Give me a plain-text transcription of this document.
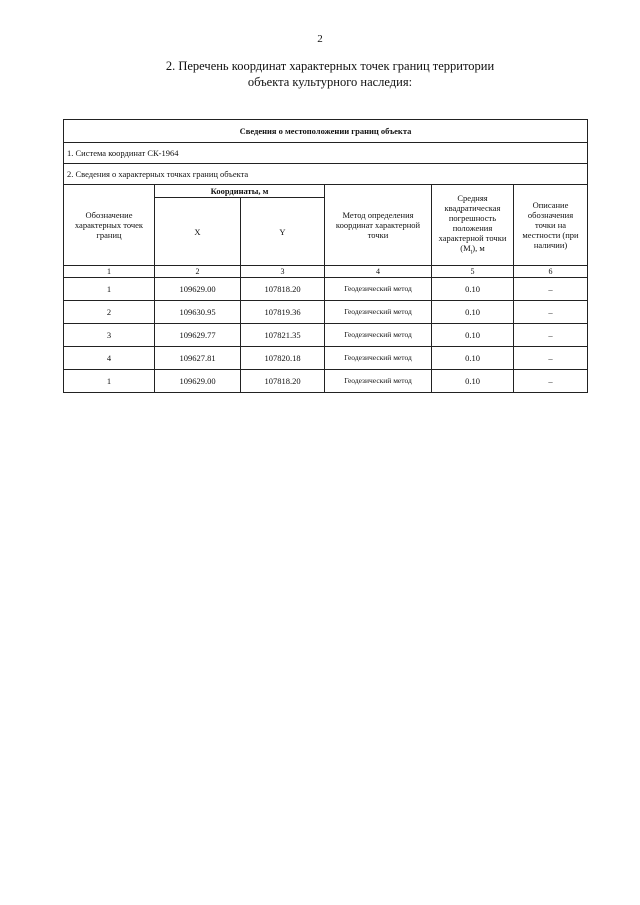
2
2. Перечень координат характерных точек границ территории
объекта культурного наследия:
Сведения о местоположении границ объекта					
1. Система координат СК-1964					
2. Сведения о характерных точках границ объекта					
Обозначение характерных точек границ	Координаты, м		Метод определения координат характерной точки	Средняя квадратическая погрешность положения характерной точки $(M_t)$, м	Описание обозначения точки на местности (при наличии)
	X	Y			
1	2	3	4	5	6
1	109629.00	107818.20	Геодезический метод	0.10	–
2	109630.95	107819.36	Геодезический метод	0.10	–
3	109629.77	107821.35	Геодезический метод	0.10	–
4	109627.81	107820.18	Геодезический метод	0.10	–
1	109629.00	107818.20	Геодезический метод	0.10	–
